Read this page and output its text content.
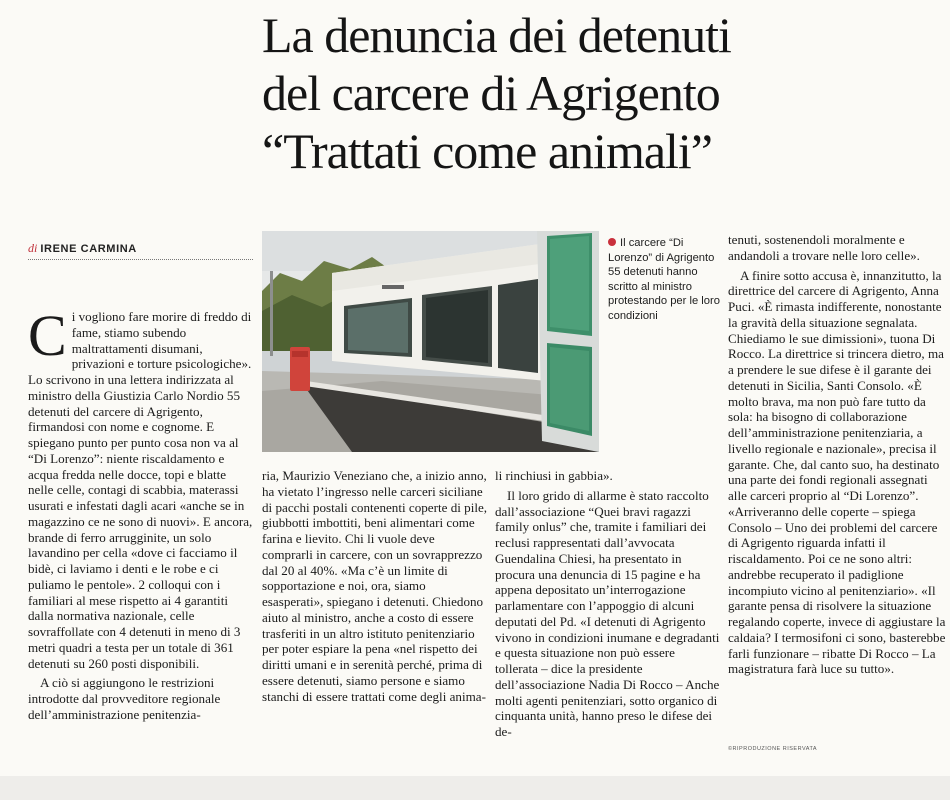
La denuncia dei detenuti
del carcere di Agrigento
“Trattati come animali”
di IRENE CARMINA

C i vogliono fare morire di freddo di fame, stiamo subendo maltrattamenti disumani, privazioni e torture psicologiche». Lo scrivono in una lettera indirizzata al ministro della Giustizia Carlo Nordio 55 detenuti del carcere di Agrigento, firmandosi con nome e cognome. E spiegano punto per punto cosa non va al “Di Lorenzo”: niente riscaldamento e acqua fredda nelle docce, topi e blatte nelle celle, contagi di scabbia, materassi usurati e infestati dagli acari «anche se in magazzino ce ne sono di nuovi». E ancora, brande di ferro arrugginite, un solo lavandino per cella «dove ci facciamo il bidè, ci laviamo i denti e le robe e ci puliamo le pentole». 2 colloqui con i familiari al mese rispetto ai 4 garantiti dalla normativa nazionale, celle sovraffollate con 4 detenuti in meno di 3 metri quadri a testa per un totale di 361 detenuti su 260 posti disponibili.

A ciò si aggiungono le restrizioni introdotte dal provveditore regionale dell’amministrazione penitenzia-

Il carcere “Di Lorenzo” di Agrigento 55 detenuti hanno scritto al ministro protestando per le loro condizioni

ria, Maurizio Veneziano che, a inizio anno, ha vietato l’ingresso nelle carceri siciliane di pacchi postali contenenti coperte di pile, giubbotti imbottiti, beni alimentari come farina e lievito. Chi li vuole deve comprarli in carcere, con un sovrapprezzo dal 20 al 40%. «Ma c’è un limite di sopportazione e noi, ora, siamo esasperati», spiegano i detenuti. Chiedono aiuto al ministro, anche a costo di essere trasferiti in un altro istituto penitenziario per poter espiare la pena «nel rispetto dei diritti umani e in serenità perché, prima di essere detenuti, siamo persone e siamo stanchi di essere trattati come degli anima-

li rinchiusi in gabbia».

Il loro grido di allarme è stato raccolto dall’associazione “Quei bravi ragazzi family onlus” che, tramite i familiari dei reclusi rappresentati dall’avvocata Guendalina Chiesi, ha presentato in procura una denuncia di 15 pagine e ha appena depositato un’interrogazione parlamentare con l’appoggio di alcuni deputati del Pd. «I detenuti di Agrigento vivono in condizioni inumane e degradanti e questa situazione non può essere tollerata – dice la presidente dell’associazione Nadia Di Rocco – Anche molti agenti penitenziari, sotto organico di cinquanta unità, hanno preso le difese dei de-

tenuti, sostenendoli moralmente e andandoli a trovare nelle loro celle».

A finire sotto accusa è, innanzitutto, la direttrice del carcere di Agrigento, Anna Puci. «È rimasta indifferente, nonostante la gravità della situazione segnalata. Chiediamo le sue dimissioni», tuona Di Rocco. La direttrice si trincera dietro, ma a prendere le sue difese è il garante dei detenuti in Sicilia, Santi Consolo. «È molto brava, ma non può fare tutto da sola: ha bisogno di collaborazione dell’amministrazione penitenziaria, a livello regionale e nazionale», precisa il garante. Che, dal canto suo, ha destinato una parte dei fondi regionali assegnati alle carceri proprio al “Di Lorenzo”. «Arriveranno delle coperte – spiega Consolo – Uno dei problemi del carcere di Agrigento riguarda infatti il riscaldamento. Poi ce ne sono altri: andrebbe recuperato il padiglione incompiuto vicino al penitenziario». «Il garante pensa di risolvere la situazione regalando coperte, invece di aggiustare la caldaia? I termosifoni ci sono, basterebbe farli funzionare – ribatte Di Rocco – La magistratura farà luce su tutto».

©RIPRODUZIONE RISERVATA
